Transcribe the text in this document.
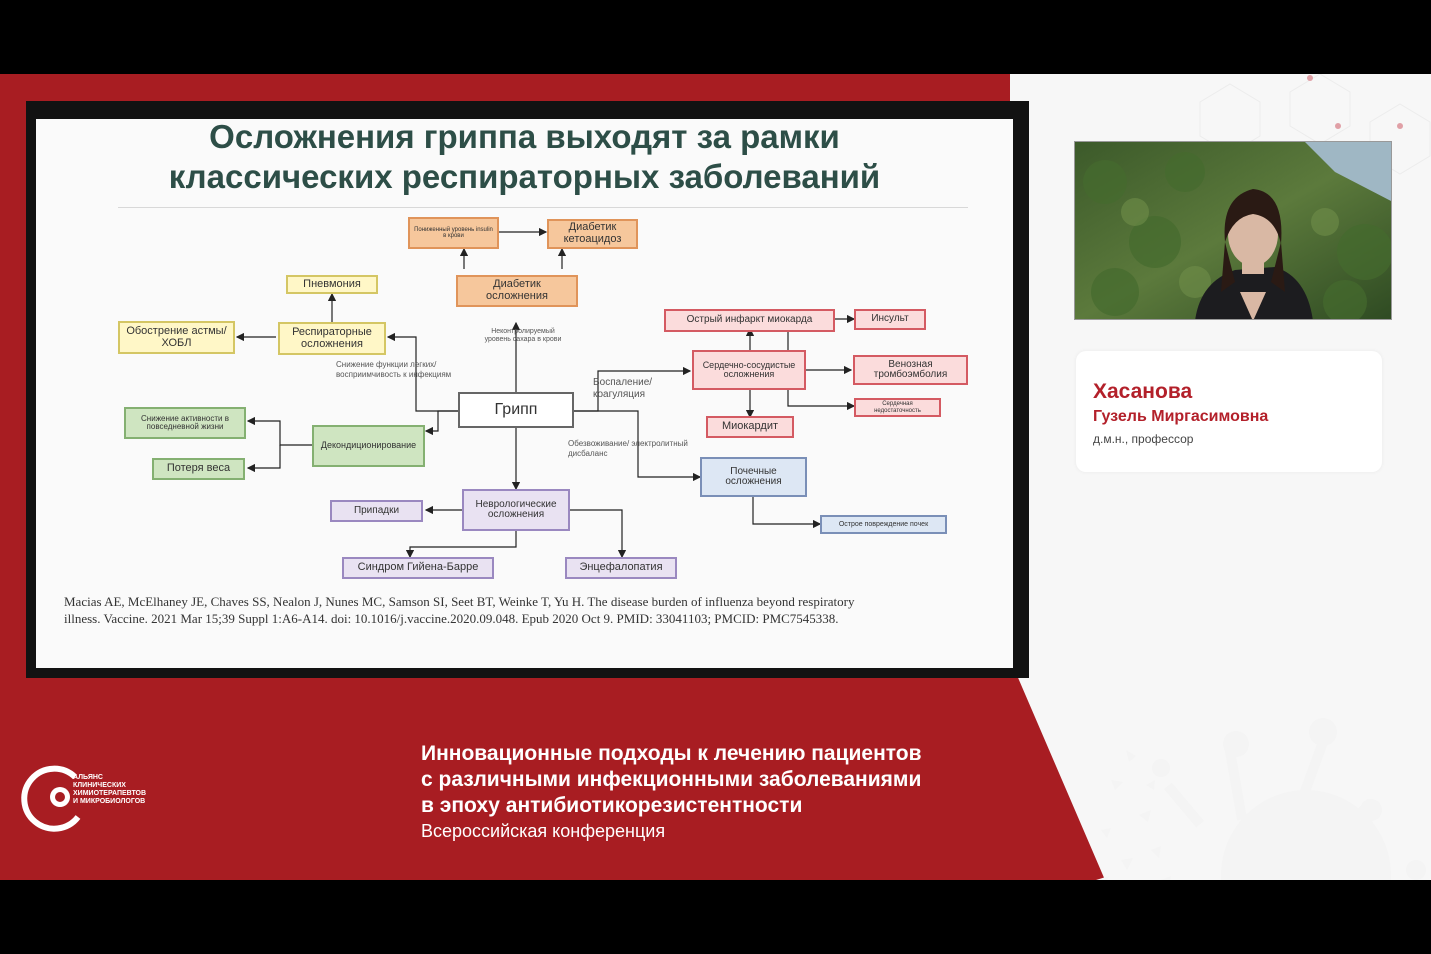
Осложнения гриппа выходят за рамки
классических респираторных заболеваний
Грипп
Пониженный уровень insulin в крови
Диабетик кетоацидоз
Диабетик осложнения
Пневмония
Обострение астмы/ХОБЛ
Респираторные осложнения
Снижение активности в повседневной жизни
Декондиционирование
Потеря веса
Припадки
Неврологические осложнения
Синдром Гийена-Барре	Энцефалопатия
Острый инфаркт миокарда	Инсульт
Сердечно-сосудистые осложнения
Венозная тромбоэмболия
Сердечная недостаточность
Миокардит
Почечные осложнения
Острое повреждение почек
Неконтролируемый уровень сахара в крови
Снижение функции легких/ восприимчивость к инфекциям
Воспаление/ коагуляция
Обезвоживание/ электролитный дисбаланс
Macias AE, McElhaney JE, Chaves SS, Nealon J, Nunes MC, Samson SI, Seet BT, Weinke T, Yu H. The disease burden of influenza beyond respiratory
illness. Vaccine. 2021 Mar 15;39 Suppl 1:A6-A14. doi: 10.1016/j.vaccine.2020.09.048. Epub 2020 Oct 9. PMID: 33041103; PMCID: PMC7545338.
Хасанова
Гузель Миргасимовна
д.м.н., профессор
АЛЬЯНС
КЛИНИЧЕСКИХ
ХИМИОТЕРАПЕВТОВ
И МИКРОБИОЛОГОВ
Инновационные подходы к лечению пациентов
с различными инфекционными заболеваниями
в эпоху антибиотикорезистентности
Всероссийская конференция
